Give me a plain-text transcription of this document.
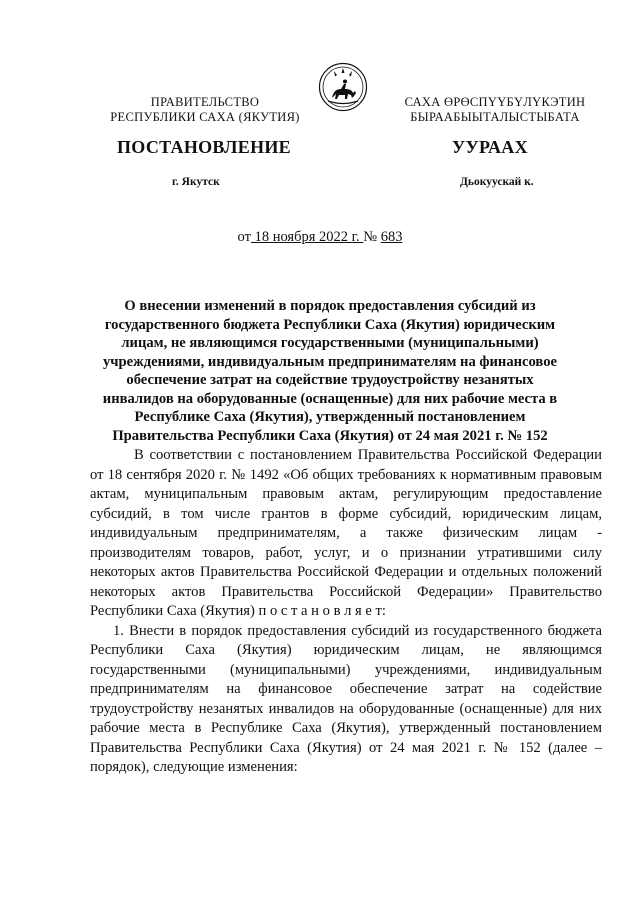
ПРАВИТЕЛЬСТВО
РЕСПУБЛИКИ САХА (ЯКУТИЯ)
САХА ӨРӨСПҮҮБҮЛҮКЭТИН
БЫРААБЫЫТАЛЫСТЫБАТА
ПОСТАНОВЛЕНИЕ	УУРААХ
г. Якутск	Дьокуускай к.
от 18 ноября 2022 г. № 683
О внесении изменений в порядок предоставления субсидий из государственного бюджета Республики Саха (Якутия) юридическим лицам, не являющимся государственными (муниципальными) учреждениями, индивидуальным предпринимателям на финансовое обеспечение затрат на содействие трудоустройству незанятых инвалидов на оборудованные (оснащенные) для них рабочие места в Республике Саха (Якутия), утвержденный постановлением Правительства Республики Саха (Якутия) от 24 мая 2021 г. № 152

В соответствии с постановлением Правительства Российской Федерации от 18 сентября 2020 г. № 1492 «Об общих требованиях к нормативным правовым актам, муниципальным правовым актам, регулирующим предоставление субсидий, в том числе грантов в форме субсидий, юридическим лицам, индивидуальным предпринимателям, а также физическим лицам - производителям товаров, работ, услуг, и о признании утратившими силу некоторых актов Правительства Российской Федерации и отдельных положений некоторых актов Правительства Российской Федерации» Правительство Республики Саха (Якутия) п о с т а н о в л я е т:

1. Внести в порядок предоставления субсидий из государственного бюджета Республики Саха (Якутия) юридическим лицам, не являющимся государственными (муниципальными) учреждениями, индивидуальным предпринимателям на финансовое обеспечение затрат на содействие трудоустройству незанятых инвалидов на оборудованные (оснащенные) для них рабочие места в Республике Саха (Якутия), утвержденный постановлением Правительства Республики Саха (Якутия) от 24 мая 2021 г. № 152 (далее – порядок), следующие изменения:
